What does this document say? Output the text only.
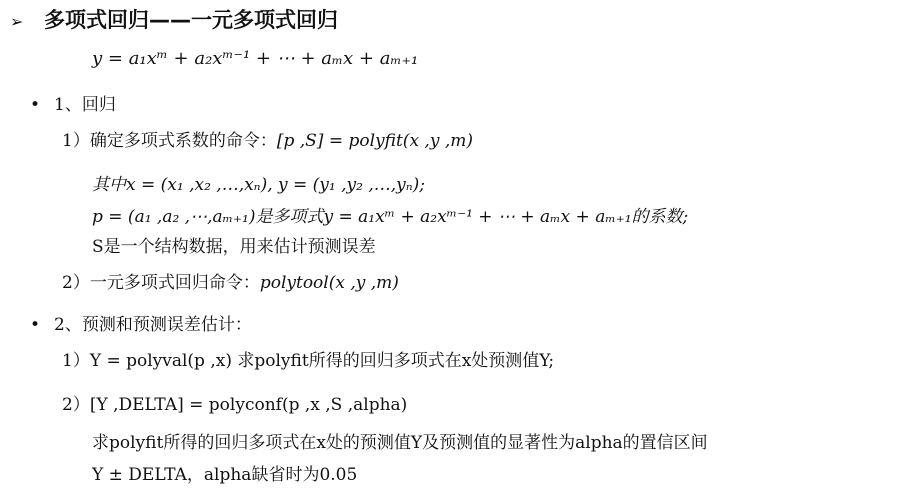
➢ 多项式回归——一元多项式回归
y = a₁xᵐ + a₂xᵐ⁻¹ + ⋯ + aₘx + aₘ₊₁
• 1、回归
1）确定多项式系数的命令：[p ,S] = polyfit(x ,y ,m)
其中x = (x₁ ,x₂ ,…,xₙ), y = (y₁ ,y₂ ,…,yₙ);
p = (a₁ ,a₂ ,⋯,aₘ₊₁)是多项式y = a₁xᵐ + a₂xᵐ⁻¹ + ⋯ + aₘx + aₘ₊₁的系数;
S是一个结构数据，用来估计预测误差
2）一元多项式回归命令：polytool(x ,y ,m)
• 2、预测和预测误差估计：
1）Y = polyval(p ,x) 求polyfit所得的回归多项式在x处预测值Y;
2）[Y ,DELTA] = polyconf(p ,x ,S ,alpha)
求polyfit所得的回归多项式在x处的预测值Y及预测值的显著性为alpha的置信区间
Y ± DELTA，alpha缺省时为0.05
